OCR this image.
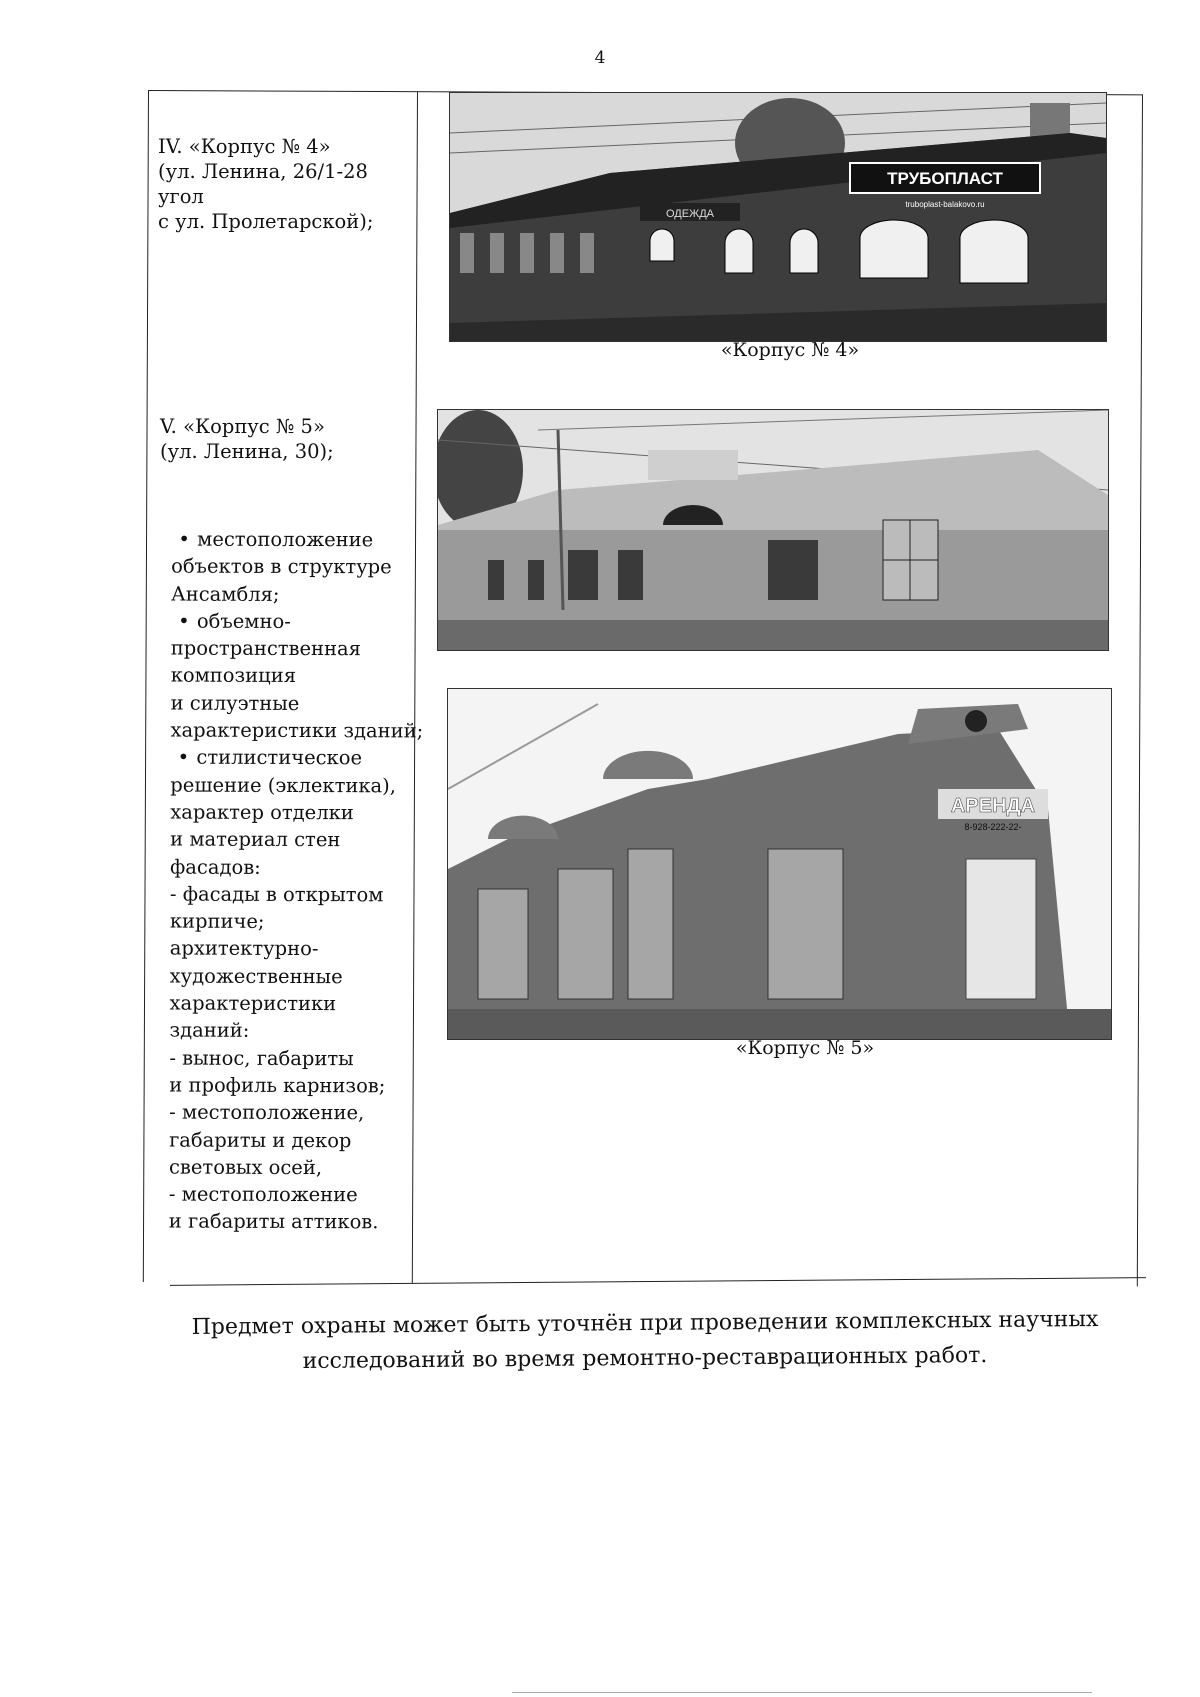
4
IV. «Корпус № 4»
(ул. Ленина, 26/1-28
угол
с ул. Пролетарской);
V. «Корпус № 5»
(ул. Ленина, 30);
• местоположение
объектов в структуре
Ансамбля;
• объемно-
пространственная
композиция
и силуэтные
характеристики зданий;
• стилистическое
решение (эклектика),
характер отделки
и материал стен
фасадов:
- фасады в открытом
кирпиче;
архитектурно-
художественные
характеристики
зданий:
- вынос, габариты
и профиль карнизов;
- местоположение,
габариты и декор
световых осей,
- местоположение
и габариты аттиков.
ТРУБОПЛАСТ
truboplast-balakovo.ru
ОДЕЖДА
«Корпус № 4»
АРЕНДА
8-928-222-22-
«Корпус № 5»
Предмет охраны может быть уточнён при проведении комплексных научных
исследований во время ремонтно-реставрационных работ.
